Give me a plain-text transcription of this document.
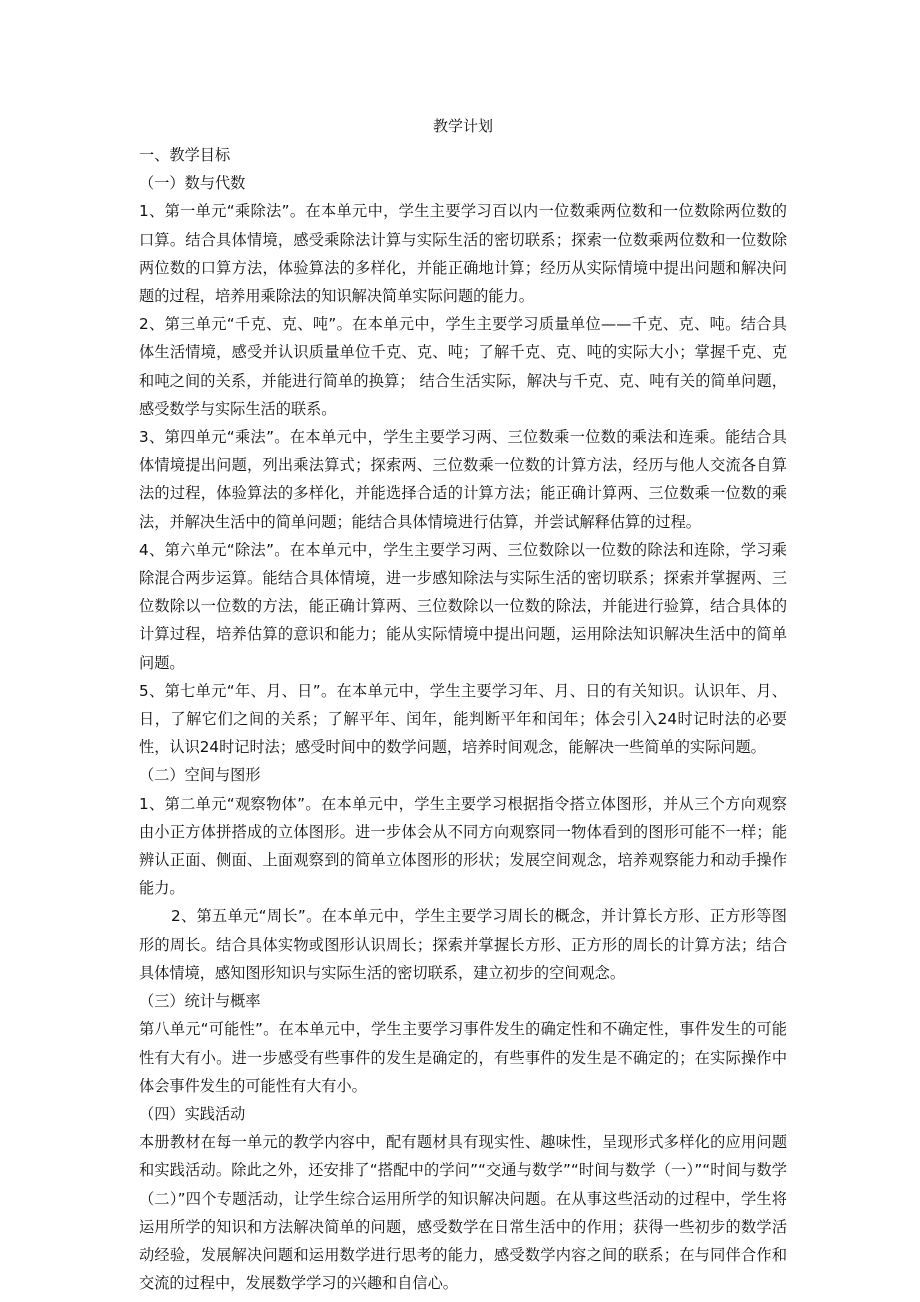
教学计划
一、教学目标
（一）数与代数

1、第一单元“乘除法”。在本单元中，学生主要学习百以内一位数乘两位数和一位数除两位数的口算。结合具体情境，感受乘除法计算与实际生活的密切联系；探索一位数乘两位数和一位数除两位数的口算方法，体验算法的多样化，并能正确地计算；经历从实际情境中提出问题和解决问题的过程，培养用乘除法的知识解决简单实际问题的能力。

2、第三单元“千克、克、吨”。在本单元中，学生主要学习质量单位——千克、克、吨。结合具体生活情境，感受并认识质量单位千克、克、吨；了解千克、克、吨的实际大小；掌握千克、克和吨之间的关系，并能进行简单的换算； 结合生活实际，解决与千克、克、吨有关的简单问题，感受数学与实际生活的联系。

3、第四单元“乘法”。在本单元中，学生主要学习两、三位数乘一位数的乘法和连乘。能结合具体情境提出问题，列出乘法算式；探索两、三位数乘一位数的计算方法，经历与他人交流各自算法的过程，体验算法的多样化，并能选择合适的计算方法；能正确计算两、三位数乘一位数的乘法，并解决生活中的简单问题；能结合具体情境进行估算，并尝试解释估算的过程。

4、第六单元“除法”。在本单元中，学生主要学习两、三位数除以一位数的除法和连除，学习乘除混合两步运算。能结合具体情境，进一步感知除法与实际生活的密切联系；探索并掌握两、三位数除以一位数的方法，能正确计算两、三位数除以一位数的除法，并能进行验算，结合具体的计算过程，培养估算的意识和能力；能从实际情境中提出问题，运用除法知识解决生活中的简单问题。

5、第七单元“年、月、日”。在本单元中，学生主要学习年、月、日的有关知识。认识年、月、日，了解它们之间的关系；了解平年、闰年，能判断平年和闰年；体会引入24时记时法的必要性，认识24时记时法；感受时间中的数学问题，培养时间观念，能解决一些简单的实际问题。

（二）空间与图形

1、第二单元“观察物体”。在本单元中，学生主要学习根据指令搭立体图形，并从三个方向观察由小正方体拼搭成的立体图形。进一步体会从不同方向观察同一物体看到的图形可能不一样；能辨认正面、侧面、上面观察到的简单立体图形的形状；发展空间观念，培养观察能力和动手操作能力。

2、第五单元“周长”。在本单元中，学生主要学习周长的概念，并计算长方形、正方形等图形的周长。结合具体实物或图形认识周长；探索并掌握长方形、正方形的周长的计算方法；结合具体情境，感知图形知识与实际生活的密切联系，建立初步的空间观念。

（三）统计与概率

第八单元“可能性”。在本单元中，学生主要学习事件发生的确定性和不确定性，事件发生的可能性有大有小。进一步感受有些事件的发生是确定的，有些事件的发生是不确定的；在实际操作中体会事件发生的可能性有大有小。

（四）实践活动

本册教材在每一单元的教学内容中，配有题材具有现实性、趣味性，呈现形式多样化的应用问题和实践活动。除此之外，还安排了“搭配中的学问”“交通与数学”“时间与数学（一）”“时间与数学（二）”四个专题活动，让学生综合运用所学的知识解决问题。在从事这些活动的过程中，学生将运用所学的知识和方法解决简单的问题，感受数学在日常生活中的作用；获得一些初步的数学活动经验，发展解决问题和运用数学进行思考的能力，感受数学内容之间的联系；在与同伴合作和交流的过程中，发展数学学习的兴趣和自信心。
